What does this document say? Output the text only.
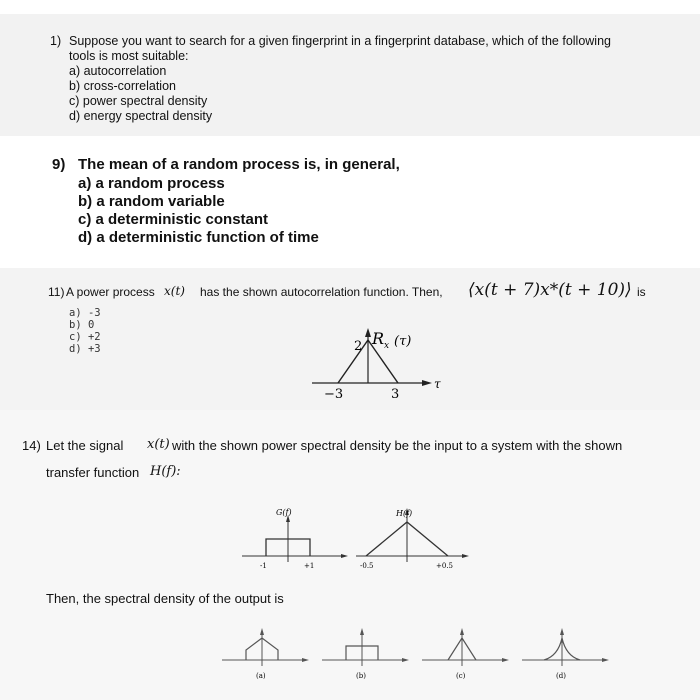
1) Suppose you want to search for a given fingerprint in a fingerprint database, which of the following
tools is most suitable:
a) autocorrelation
b) cross-correlation
c) power spectral density
d) energy spectral density
9) The mean of a random process is, in general,
a) a random process
b) a random variable
c) a deterministic constant
d) a deterministic function of time
11) A power process x(t) has the shown autocorrelation function. Then, ⟨x(t + 7)x*(t + 10)⟩ is
a) -3
b) 0
c) +2
d) +3	2 R x (τ)
−3	3
τ
14) Let the signal x(t) with the shown power spectral density be the input to a system with the shown
transfer function H(f):
G(f)
-1	+1
H(f)
-0.5	+0.5
Then, the spectral density of the output is
(a)	(b)	(c)	(d)
